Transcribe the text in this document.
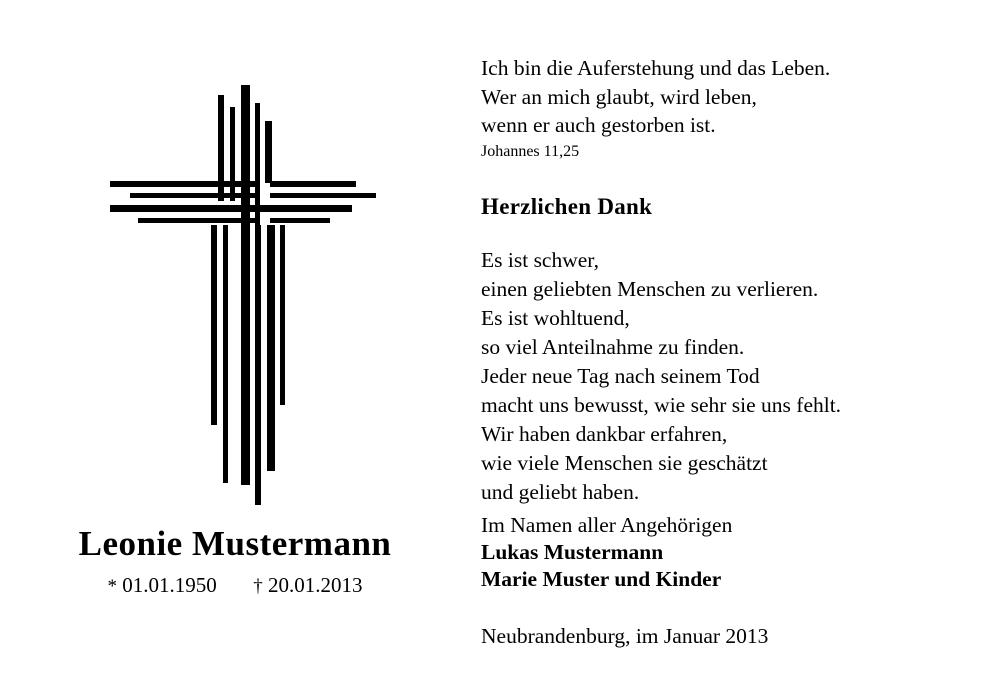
Leonie Mustermann
* 01.01.1950 † 20.01.2013

Ich bin die Auferstehung und das Leben.

Wer an mich glaubt, wird leben,

wenn er auch gestorben ist.

Johannes 11,25

Herzlichen Dank

Es ist schwer,

einen geliebten Menschen zu verlieren.

Es ist wohltuend,

so viel Anteilnahme zu finden.

Jeder neue Tag nach seinem Tod

macht uns bewusst, wie sehr sie uns fehlt.

Wir haben dankbar erfahren,

wie viele Menschen sie geschätzt

und geliebt haben.

Im Namen aller Angehörigen

Lukas Mustermann

Marie Muster und Kinder

Neubrandenburg, im Januar 2013
